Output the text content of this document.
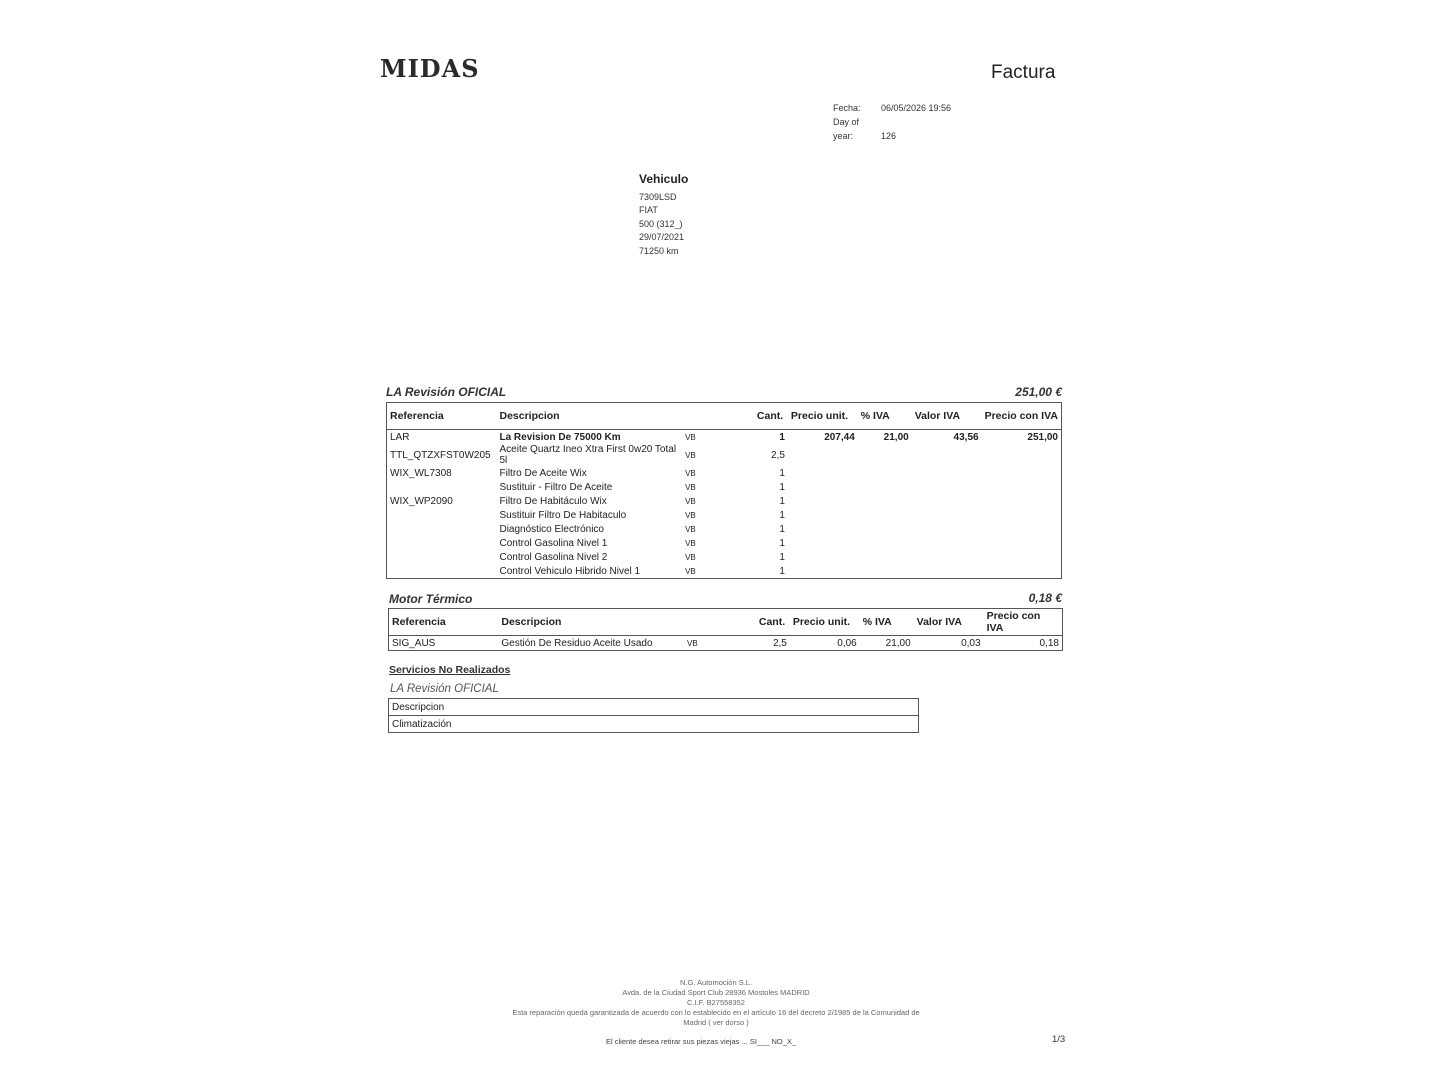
MIDAS	Factura
Fecha: 06/05/2026 19:56
Day of year:	126
Vehiculo
7309LSD
FIAT
500 (312_)
29/07/2021
71250 km
LA Revisión OFICIAL	251,00 €
Referencia	Descripcion		Cant.	Precio unit.	% IVA	Valor IVA	Precio con IVA
LAR	La Revision De 75000 Km	VB	1	207,44	21,00	43,56	251,00
TTL_QTZXFST0W205	Aceite Quartz Ineo Xtra First 0w20 Total 5l	VB	2,5				
WIX_WL7308	Filtro De Aceite Wix	VB	1				
	Sustituir - Filtro De Aceite	VB	1				
WIX_WP2090	Filtro De Habitáculo Wix	VB	1				
	Sustituir Filtro De Habitaculo	VB	1				
	Diagnóstico Electrónico	VB	1				
	Control Gasolina Nivel 1	VB	1				
	Control Gasolina Nivel 2	VB	1				
	Control Vehiculo Hibrido Nivel 1	VB	1				
Motor Térmico	0,18 €
Referencia	Descripcion		Cant.	Precio unit.	% IVA	Valor IVA	Precio con IVA
SIG_AUS	Gestión De Residuo Aceite Usado	VB	2,5	0,06	21,00	0,03	0,18
Servicios No Realizados
LA Revisión OFICIAL
Descripcion
Climatización
N.G. Automoción S.L.
Avda. de la Ciudad Sport Club 28936 Mostoles MADRID
C.I.F. B27558352
Esta reparación queda garantizada de acuerdo con lo establecido en el artículo 16 del decreto 2/1985 de la Comunidad de Madrid ( ver dorso )
El cliente desea retirar sus piezas viejas ... SI___ NO_X_	1/3
